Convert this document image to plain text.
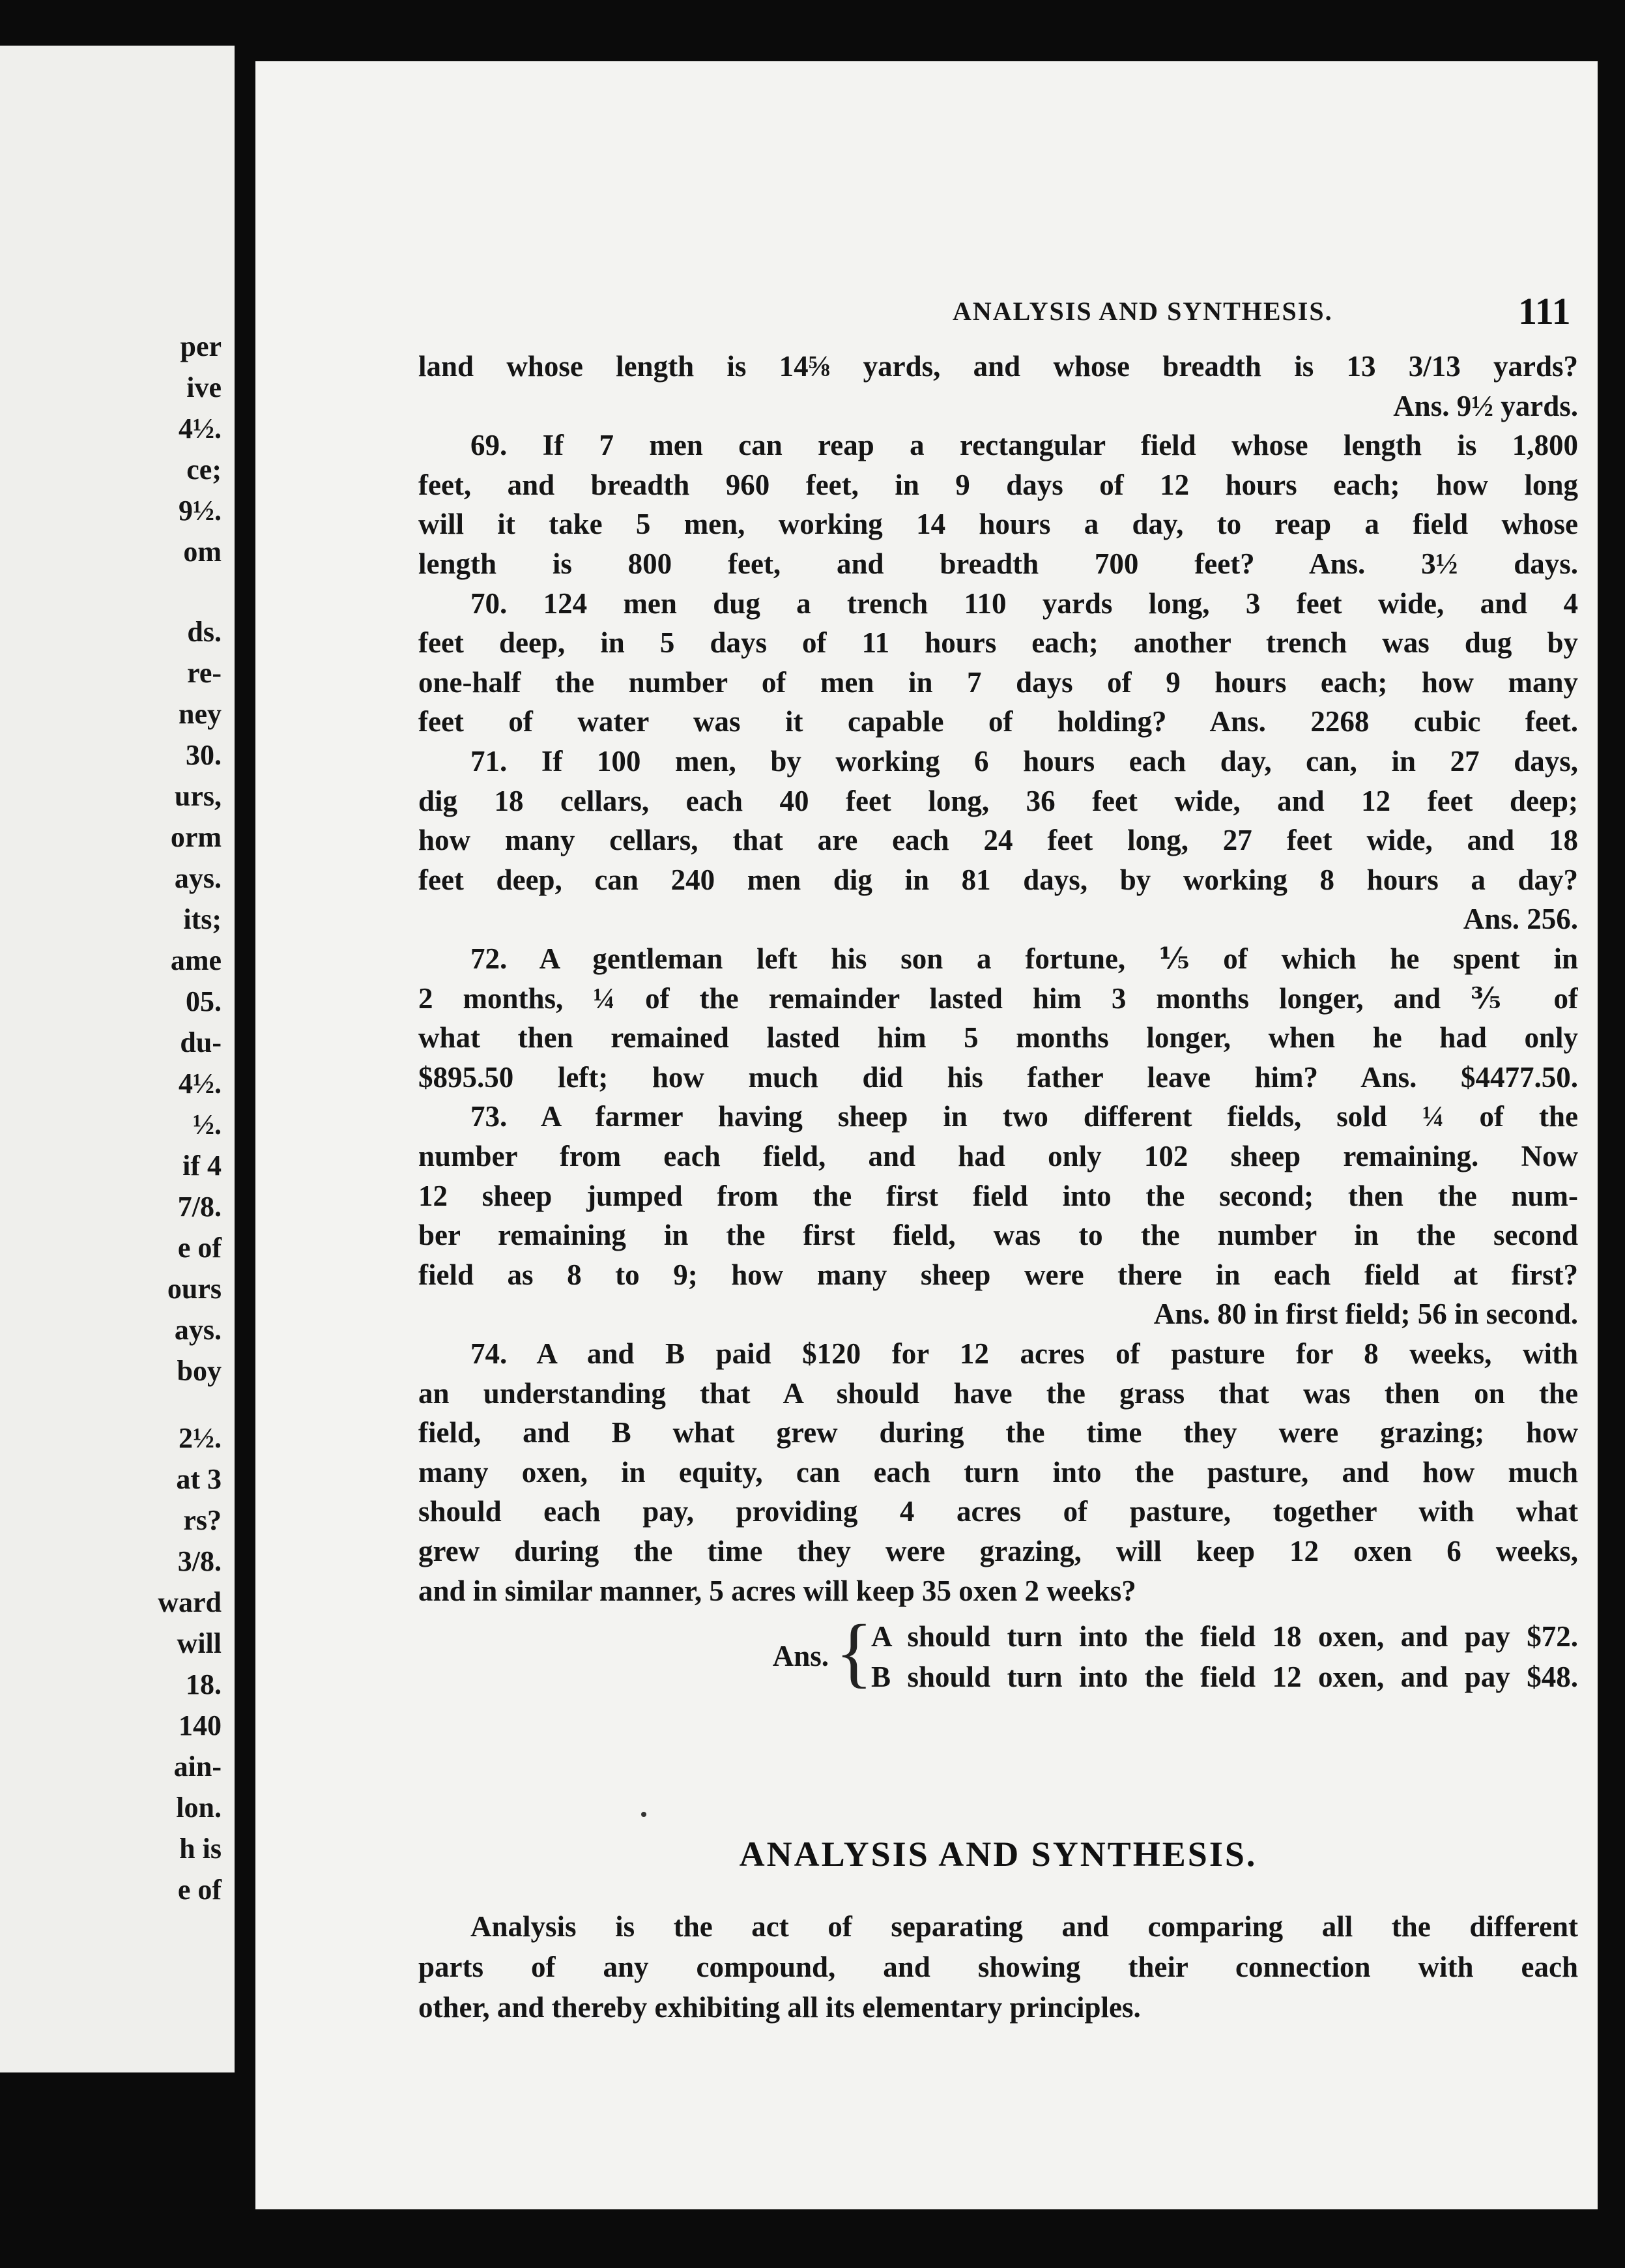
per
ive
4½.
ce;
9½.
om
ds.
re-
ney
30.
urs,
orm
ays.
its;
ame
05.
du-
4½.
½.
if 4
7/8.
e of
ours
ays.
boy
2½.
at 3
rs?
3/8.
ward
will
18.
140
ain-
lon.
h is
e of
ANALYSIS AND SYNTHESIS.	111
land whose length is 14⅝ yards, and whose breadth is 13 3/13 yards?
Ans. 9½ yards.
69. If 7 men can reap a rectangular field whose length is 1,800
feet, and breadth 960 feet, in 9 days of 12 hours each; how long
will it take 5 men, working 14 hours a day, to reap a field whose
length is 800 feet, and breadth 700 feet? Ans. 3½ days.
70. 124 men dug a trench 110 yards long, 3 feet wide, and 4
feet deep, in 5 days of 11 hours each; another trench was dug by
one-half the number of men in 7 days of 9 hours each; how many
feet of water was it capable of holding? Ans. 2268 cubic feet.
71. If 100 men, by working 6 hours each day, can, in 27 days,
dig 18 cellars, each 40 feet long, 36 feet wide, and 12 feet deep;
how many cellars, that are each 24 feet long, 27 feet wide, and 18
feet deep, can 240 men dig in 81 days, by working 8 hours a day?
Ans. 256.
72. A gentleman left his son a fortune, ⅕ of which he spent in
2 months, ¼ of the remainder lasted him 3 months longer, and ⅗ of
what then remained lasted him 5 months longer, when he had only
$895.50 left; how much did his father leave him? Ans. $4477.50.
73. A farmer having sheep in two different fields, sold ¼ of the
number from each field, and had only 102 sheep remaining. Now
12 sheep jumped from the first field into the second; then the num-
ber remaining in the first field, was to the number in the second
field as 8 to 9; how many sheep were there in each field at first?
Ans. 80 in first field; 56 in second.
74. A and B paid $120 for 12 acres of pasture for 8 weeks, with
an understanding that A should have the grass that was then on the
field, and B what grew during the time they were grazing; how
many oxen, in equity, can each turn into the pasture, and how much
should each pay, providing 4 acres of pasture, together with what
grew during the time they were grazing, will keep 12 oxen 6 weeks,
and in similar manner, 5 acres will keep 35 oxen 2 weeks?
Ans. {
A should turn into the field 18 oxen, and pay $72.
B should turn into the field 12 oxen, and pay $48.
ANALYSIS AND SYNTHESIS.
Analysis is the act of separating and comparing all the different
parts of any compound, and showing their connection with each
other, and thereby exhibiting all its elementary principles.
